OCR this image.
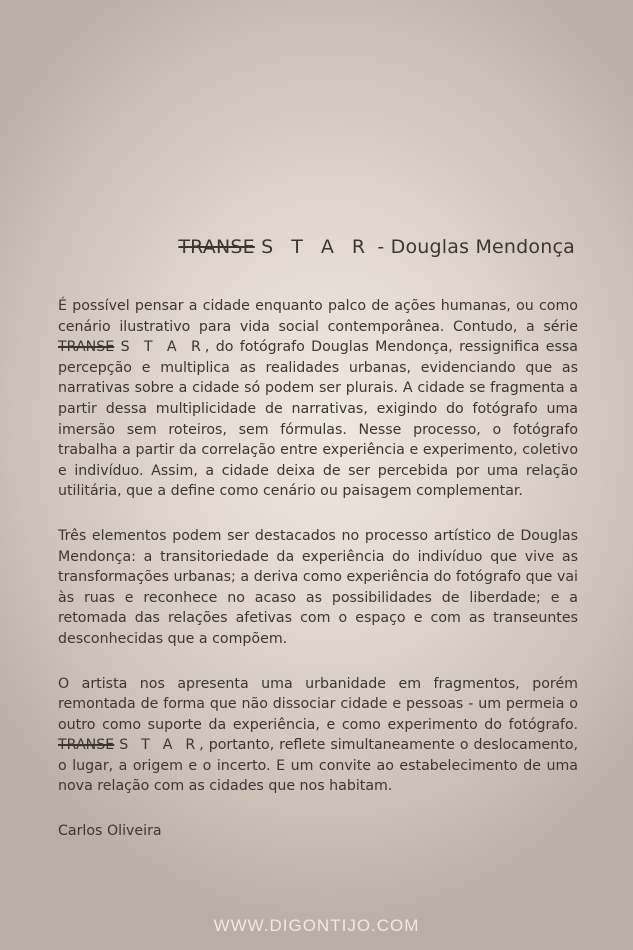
TRANSE S T A R - Douglas Mendonça

É possível pensar a cidade enquanto palco de ações humanas, ou como cenário ilustrativo para vida social contemporânea. Contudo, a série TRANSE S T A R, do fotógrafo Douglas Mendonça, ressignifica essa percepção e multiplica as realidades urbanas, evidenciando que as narrativas sobre a cidade só podem ser plurais. A cidade se fragmenta a partir dessa multiplicidade de narrativas, exigindo do fotógrafo uma imersão sem roteiros, sem fórmulas. Nesse processo, o fotógrafo trabalha a partir da correlação entre experiência e experimento, coletivo e indivíduo. Assim, a cidade deixa de ser percebida por uma relação utilitária, que a define como cenário ou paisagem complementar.

Três elementos podem ser destacados no processo artístico de Douglas Mendonça: a transitoriedade da experiência do indivíduo que vive as transformações urbanas; a deriva como experiência do fotógrafo que vai às ruas e reconhece no acaso as possibilidades de liberdade; e a retomada das relações afetivas com o espaço e com as transeuntes desconhecidas que a compõem.

O artista nos apresenta uma urbanidade em fragmentos, porém remontada de forma que não dissociar cidade e pessoas - um permeia o outro como suporte da experiência, e como experimento do fotógrafo. TRANSE S T A R, portanto, reflete simultaneamente o deslocamento, o lugar, a origem e o incerto. E um convite ao estabelecimento de uma nova relação com as cidades que nos habitam.

Carlos Oliveira

WWW.DIGONTIJO.COM
